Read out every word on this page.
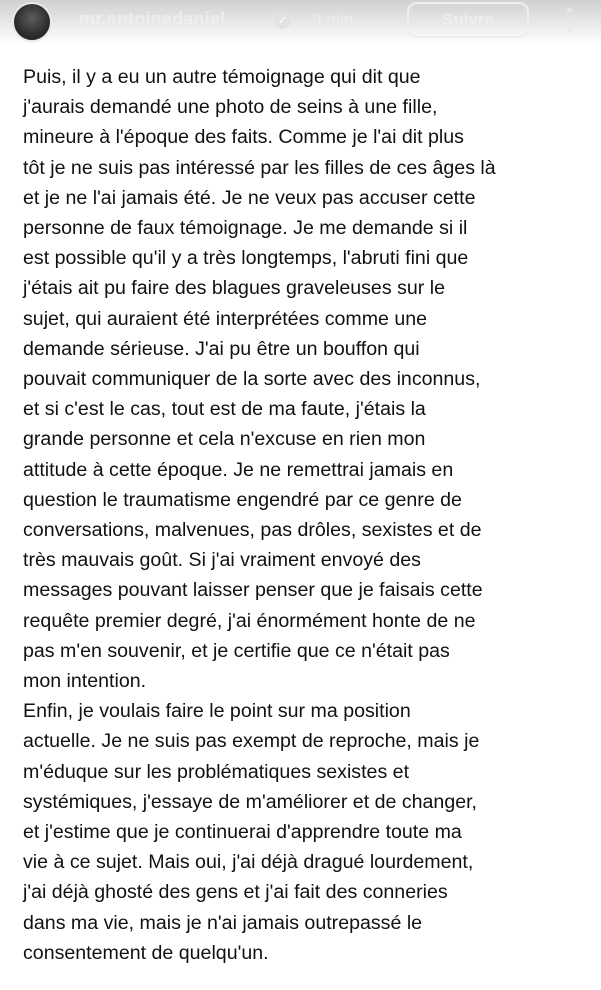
mr.antoinedaniel	✓ 9 min	Suivre
Puis, il y a eu un autre témoignage qui dit que
j'aurais demandé une photo de seins à une fille,
mineure à l'époque des faits. Comme je l'ai dit plus
tôt je ne suis pas intéressé par les filles de ces âges là
et je ne l'ai jamais été. Je ne veux pas accuser cette
personne de faux témoignage. Je me demande si il
est possible qu'il y a très longtemps, l'abruti fini que
j'étais ait pu faire des blagues graveleuses sur le
sujet, qui auraient été interprétées comme une
demande sérieuse. J'ai pu être un bouffon qui
pouvait communiquer de la sorte avec des inconnus,
et si c'est le cas, tout est de ma faute, j'étais la
grande personne et cela n'excuse en rien mon
attitude à cette époque. Je ne remettrai jamais en
question le traumatisme engendré par ce genre de
conversations, malvenues, pas drôles, sexistes et de
très mauvais goût. Si j'ai vraiment envoyé des
messages pouvant laisser penser que je faisais cette
requête premier degré, j'ai énormément honte de ne
pas m'en souvenir, et je certifie que ce n'était pas
mon intention.
Enfin, je voulais faire le point sur ma position
actuelle. Je ne suis pas exempt de reproche, mais je
m'éduque sur les problématiques sexistes et
systémiques, j'essaye de m'améliorer et de changer,
et j'estime que je continuerai d'apprendre toute ma
vie à ce sujet. Mais oui, j'ai déjà dragué lourdement,
j'ai déjà ghosté des gens et j'ai fait des conneries
dans ma vie, mais je n'ai jamais outrepassé le
consentement de quelqu'un.
